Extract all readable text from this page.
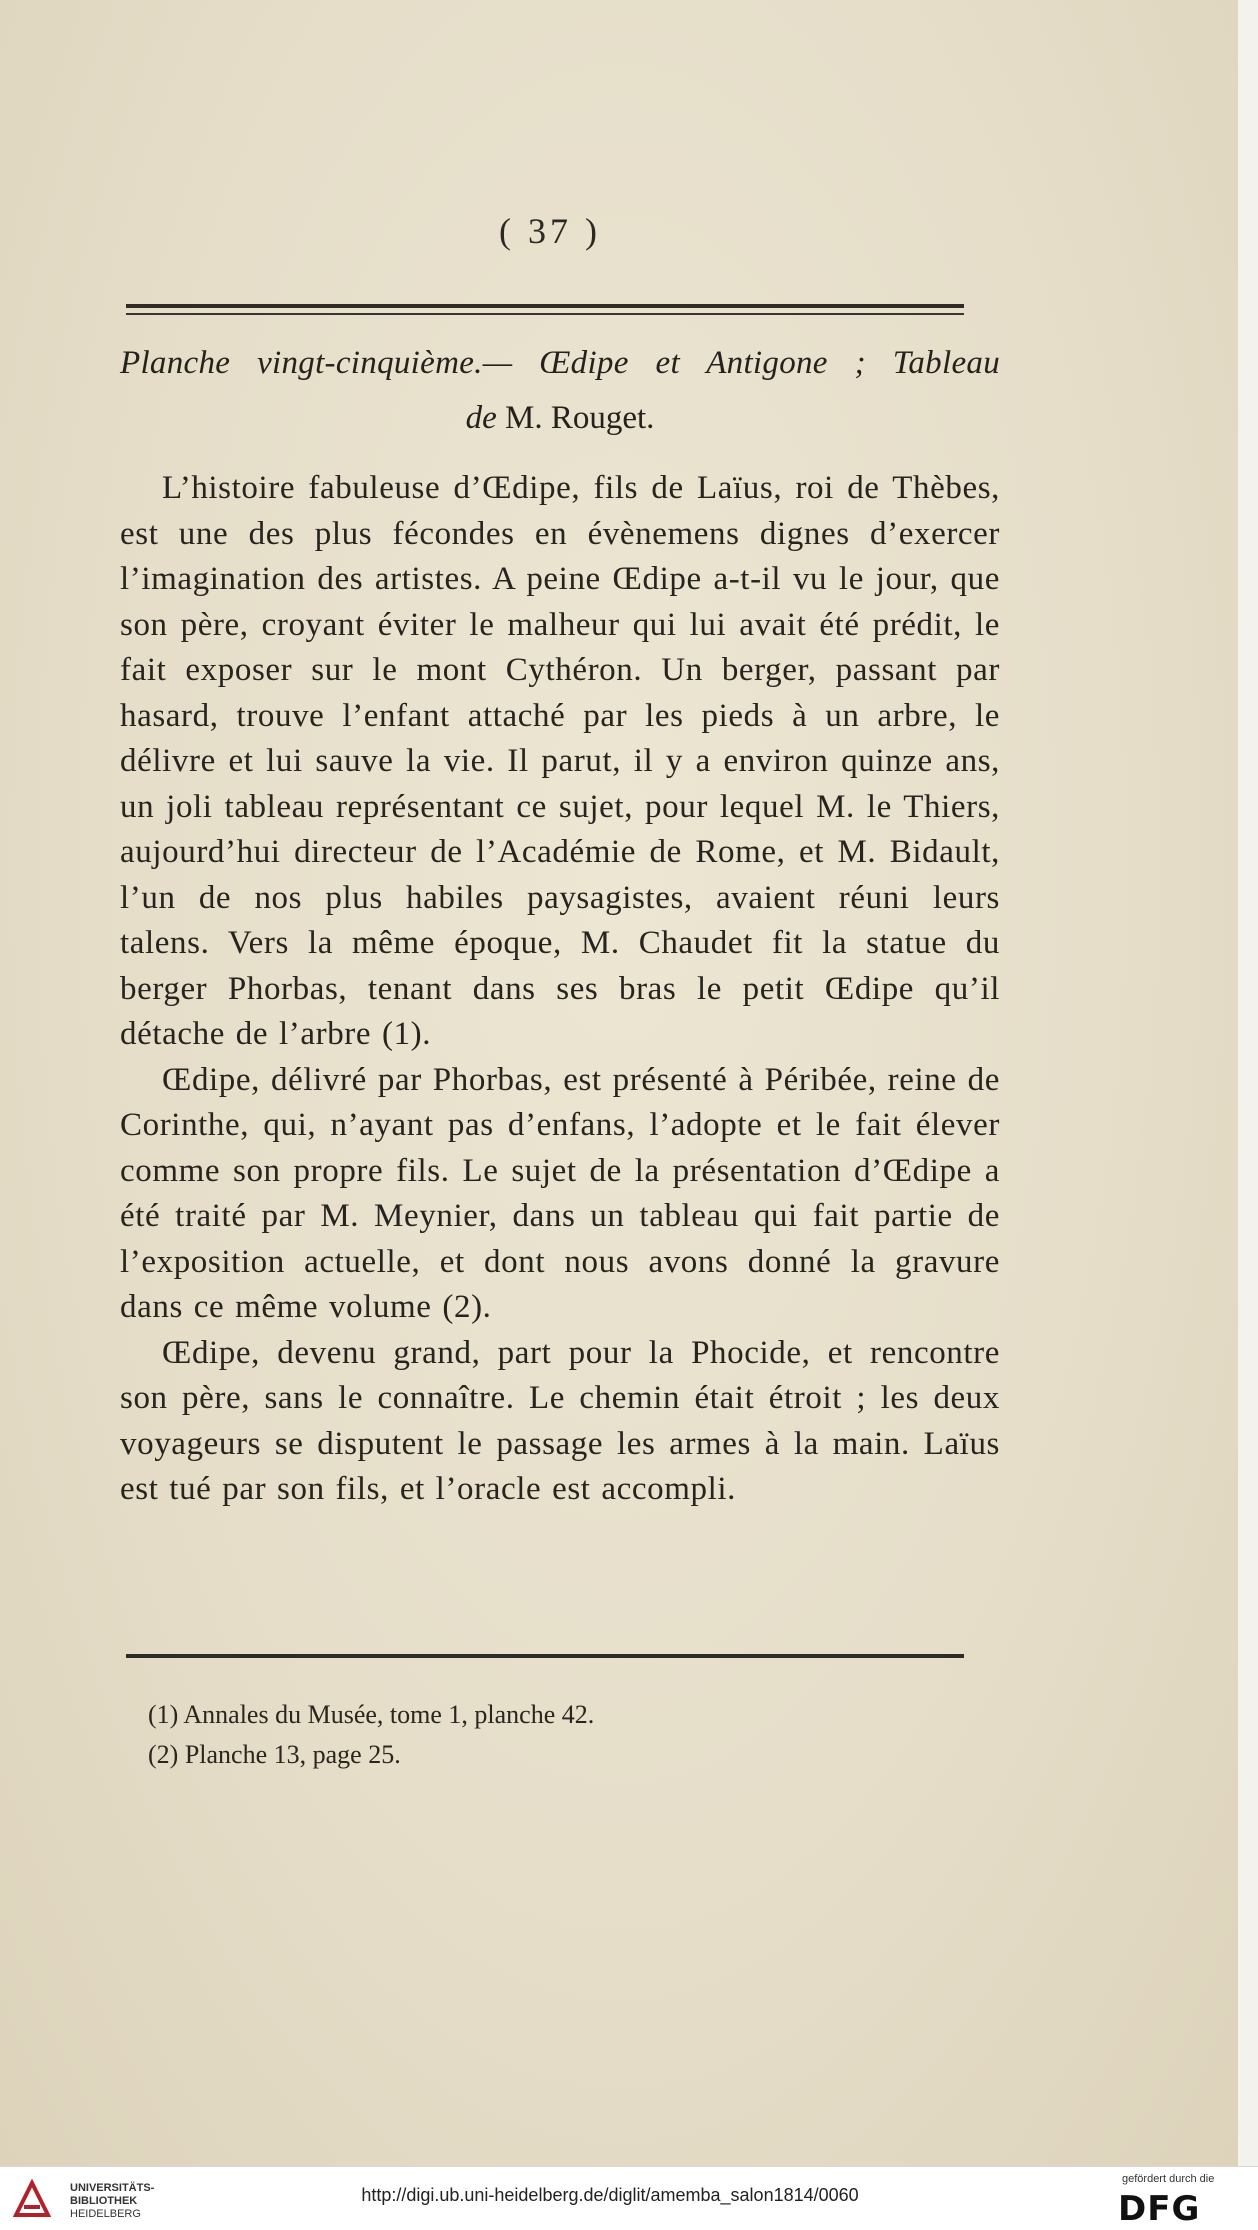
( 37 )
Planche vingt-cinquième.— Œdipe et Antigone ; Tableau
de M. Rouget.

L’histoire fabuleuse d’Œdipe, fils de Laïus, roi de Thèbes, est une des plus fécondes en évènemens dignes d’exercer l’imagination des artistes. A peine Œdipe a-t-il vu le jour, que son père, croyant éviter le malheur qui lui avait été prédit, le fait exposer sur le mont Cythéron. Un berger, passant par hasard, trouve l’enfant attaché par les pieds à un arbre, le délivre et lui sauve la vie. Il parut, il y a environ quinze ans, un joli tableau représentant ce sujet, pour lequel M. le Thiers, aujourd’hui directeur de l’Académie de Rome, et M. Bidault, l’un de nos plus habiles paysagistes, avaient réuni leurs talens. Vers la même époque, M. Chaudet fit la statue du berger Phorbas, tenant dans ses bras le petit Œdipe qu’il détache de l’arbre (1).

Œdipe, délivré par Phorbas, est présenté à Péribée, reine de Corinthe, qui, n’ayant pas d’enfans, l’adopte et le fait élever comme son propre fils. Le sujet de la présentation d’Œdipe a été traité par M. Meynier, dans un tableau qui fait partie de l’exposition actuelle, et dont nous avons donné la gravure dans ce même volume (2).

Œdipe, devenu grand, part pour la Phocide, et rencontre son père, sans le connaître. Le chemin était étroit ; les deux voyageurs se disputent le passage les armes à la main. Laïus est tué par son fils, et l’oracle est accompli.

(1) Annales du Musée, tome 1, planche 42.
(2) Planche 13, page 25.
UNIVERSITÄTS-
BIBLIOTHEK
HEIDELBERG
http://digi.ub.uni-heidelberg.de/diglit/amemba_salon1814/0060
gefördert durch die
DFG
